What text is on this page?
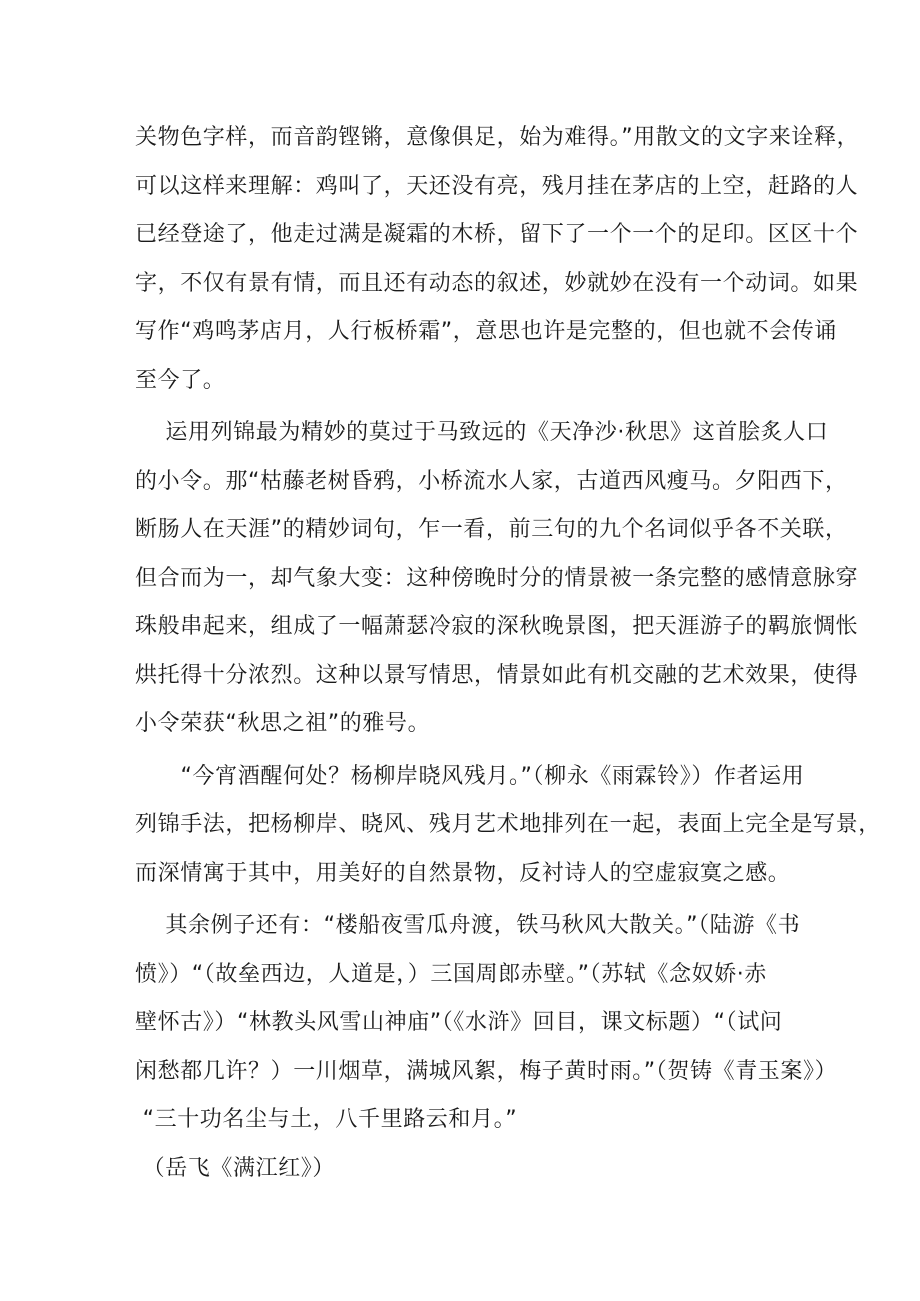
关物色字样，而音韵铿锵，意像俱足，始为难得。”用散文的文字来诠释，
可以这样来理解：鸡叫了，天还没有亮，残月挂在茅店的上空，赶路的人
已经登途了，他走过满是凝霜的木桥，留下了一个一个的足印。区区十个
字，不仅有景有情，而且还有动态的叙述，妙就妙在没有一个动词。如果
写作“鸡鸣茅店月，人行板桥霜”，意思也许是完整的，但也就不会传诵
至今了。
运用列锦最为精妙的莫过于马致远的《天净沙·秋思》这首脍炙人口
的小令。那“枯藤老树昏鸦，小桥流水人家，古道西风瘦马。夕阳西下，
断肠人在天涯”的精妙词句，乍一看，前三句的九个名词似乎各不关联，
但合而为一，却气象大变：这种傍晚时分的情景被一条完整的感情意脉穿
珠般串起来，组成了一幅萧瑟冷寂的深秋晚景图，把天涯游子的羁旅惆怅
烘托得十分浓烈。这种以景写情思，情景如此有机交融的艺术效果，使得
小令荣获“秋思之祖”的雅号。
“今宵酒醒何处？杨柳岸晓风残月。”（柳永《雨霖铃》）作者运用
列锦手法，把杨柳岸、晓风、残月艺术地排列在一起，表面上完全是写景，
而深情寓于其中，用美好的自然景物，反衬诗人的空虚寂寞之感。
其余例子还有：“楼船夜雪瓜舟渡，铁马秋风大散关。”（陆游《书
愤》）“（故垒西边，人道是，）三国周郎赤壁。”（苏轼《念奴娇·赤
壁怀古》）“林教头风雪山神庙”（《水浒》回目，课文标题）“（试问
闲愁都几许？）一川烟草，满城风絮，梅子黄时雨。”（贺铸《青玉案》）
“三十功名尘与土，八千里路云和月。”
（岳飞《满江红》）
